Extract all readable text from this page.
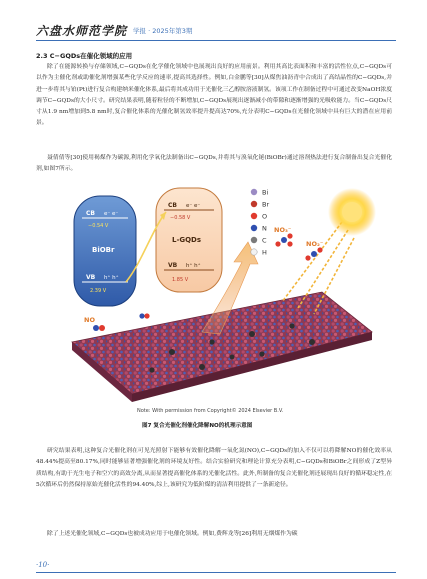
六盘水师范学院 学报 · 2025年第3期
2.3 C−GQDs在催化领域的应用

除了在能源转换与存储领域,C−GQDs在化学催化领域中也展现出良好的应用前景。利用其高比表面积和丰富的活性位点,C−GQDs可以作为主催化剂或助催化剂增强某些化学反应的速率,提高其选择性。例如,白金鹏等[30]从煤焦油沥青中合成出了高结晶性的C−GQDs,并进一步将其与铂(Pt)进行复合构建纳米催化体系,最后将其成功用于光催化三乙醇胺溶液制氢。该项工作在制备过程中可通过改变NaOH浓度调节C−GQDs的大小尺寸。研究结果表明,随着粒径的不断增加,C−GQDs展现出逐渐减小的带隙和逐渐增强的光吸收能力。当C−GQDs尺寸从1.9 nm增加到5.8 nm时,复合催化体系的光催化制氢效率提升提高达70%,充分表明C−GQDs在光催化领域中具有巨大的潜在应用前景。

聂倩倩等[30]使用褐煤作为碳源,利用化学氧化法制备出C−GQDs,并将其与溴氧化铋(BiOBr)通过溶剂热法进行复合制备出复合光催化剂,如图7所示。

CB e⁻ e⁻
−0.54 V
BiOBr
VB h⁺ h⁺
2.39 V
CB e⁻ e⁻
−0.58 V
L-GQDs
VB h⁺ h⁺
1.85 V
Bi
Br
O
N
C
H
NO₃⁻
NO₂⁻
NO
Note: With permission from Copyright© 2024 Elsevier B.V.
图7 复合光催化剂催化降解NO的机理示意图

研究结果表明,这种复合光催化剂在可见光照射下能够有效催化降解一氧化氮(NO),C−GQDs的加入不仅可以将降解NO的催化效率从48.44%提高至80.17%,同时能够显著增强催化剂的环境友好性。结合实验研究和理论计算充分表明,C−GQDs和BiOBr之间形成了Z型异质结构,有助于光生电子和空穴的高效分离,从而显著提高催化体系的光催化活性。此外,所制备的复合光催化剂还展现出良好的循环稳定性,在5次循环后仍然保持原始光催化活性的94.40%,综上,该研究为低阶煤的清洁利用提供了一条新途径。

除了上述光催化领域,C−GQDs也被成功应用于电催化领域。例如,费辉龙等[26]利用无烟煤作为碳

·10·
